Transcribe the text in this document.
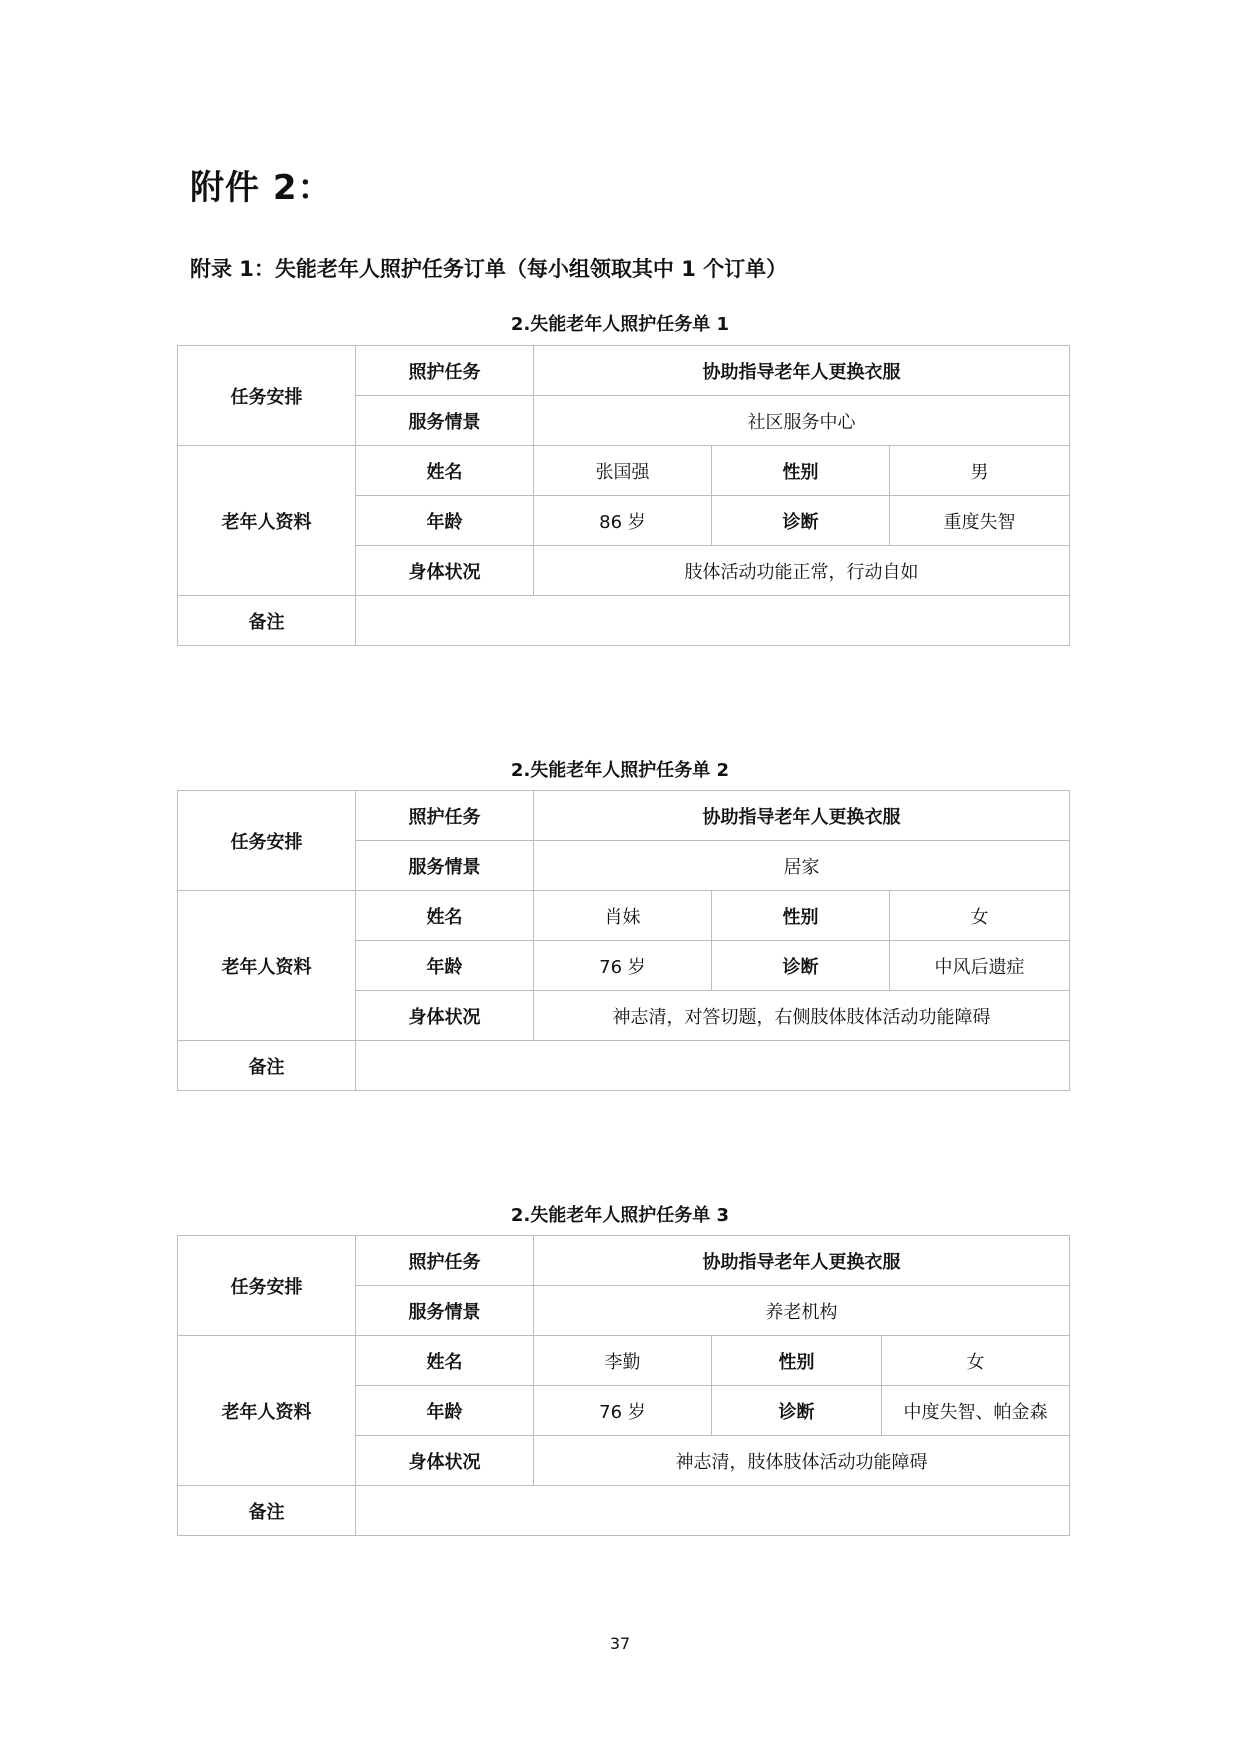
附件 2：
附录 1：失能老年人照护任务订单（每小组领取其中 1 个订单）
2.失能老年人照护任务单 1
任务安排	照护任务	协助指导老年人更换衣服		
	服务情景	社区服务中心		
老年人资料	姓名	张国强	性别	男
	年龄	86 岁	诊断	重度失智
	身体状况	肢体活动功能正常，行动自如		
备注				
2.失能老年人照护任务单 2
任务安排	照护任务	协助指导老年人更换衣服		
	服务情景	居家		
老年人资料	姓名	肖妹	性别	女
	年龄	76 岁	诊断	中风后遗症
	身体状况	神志清，对答切题，右侧肢体肢体活动功能障碍		
备注				
2.失能老年人照护任务单 3
任务安排	照护任务	协助指导老年人更换衣服		
	服务情景	养老机构		
老年人资料	姓名	李勤	性别	女
	年龄	76 岁	诊断	中度失智、帕金森
	身体状况	神志清，肢体肢体活动功能障碍		
备注				
37
